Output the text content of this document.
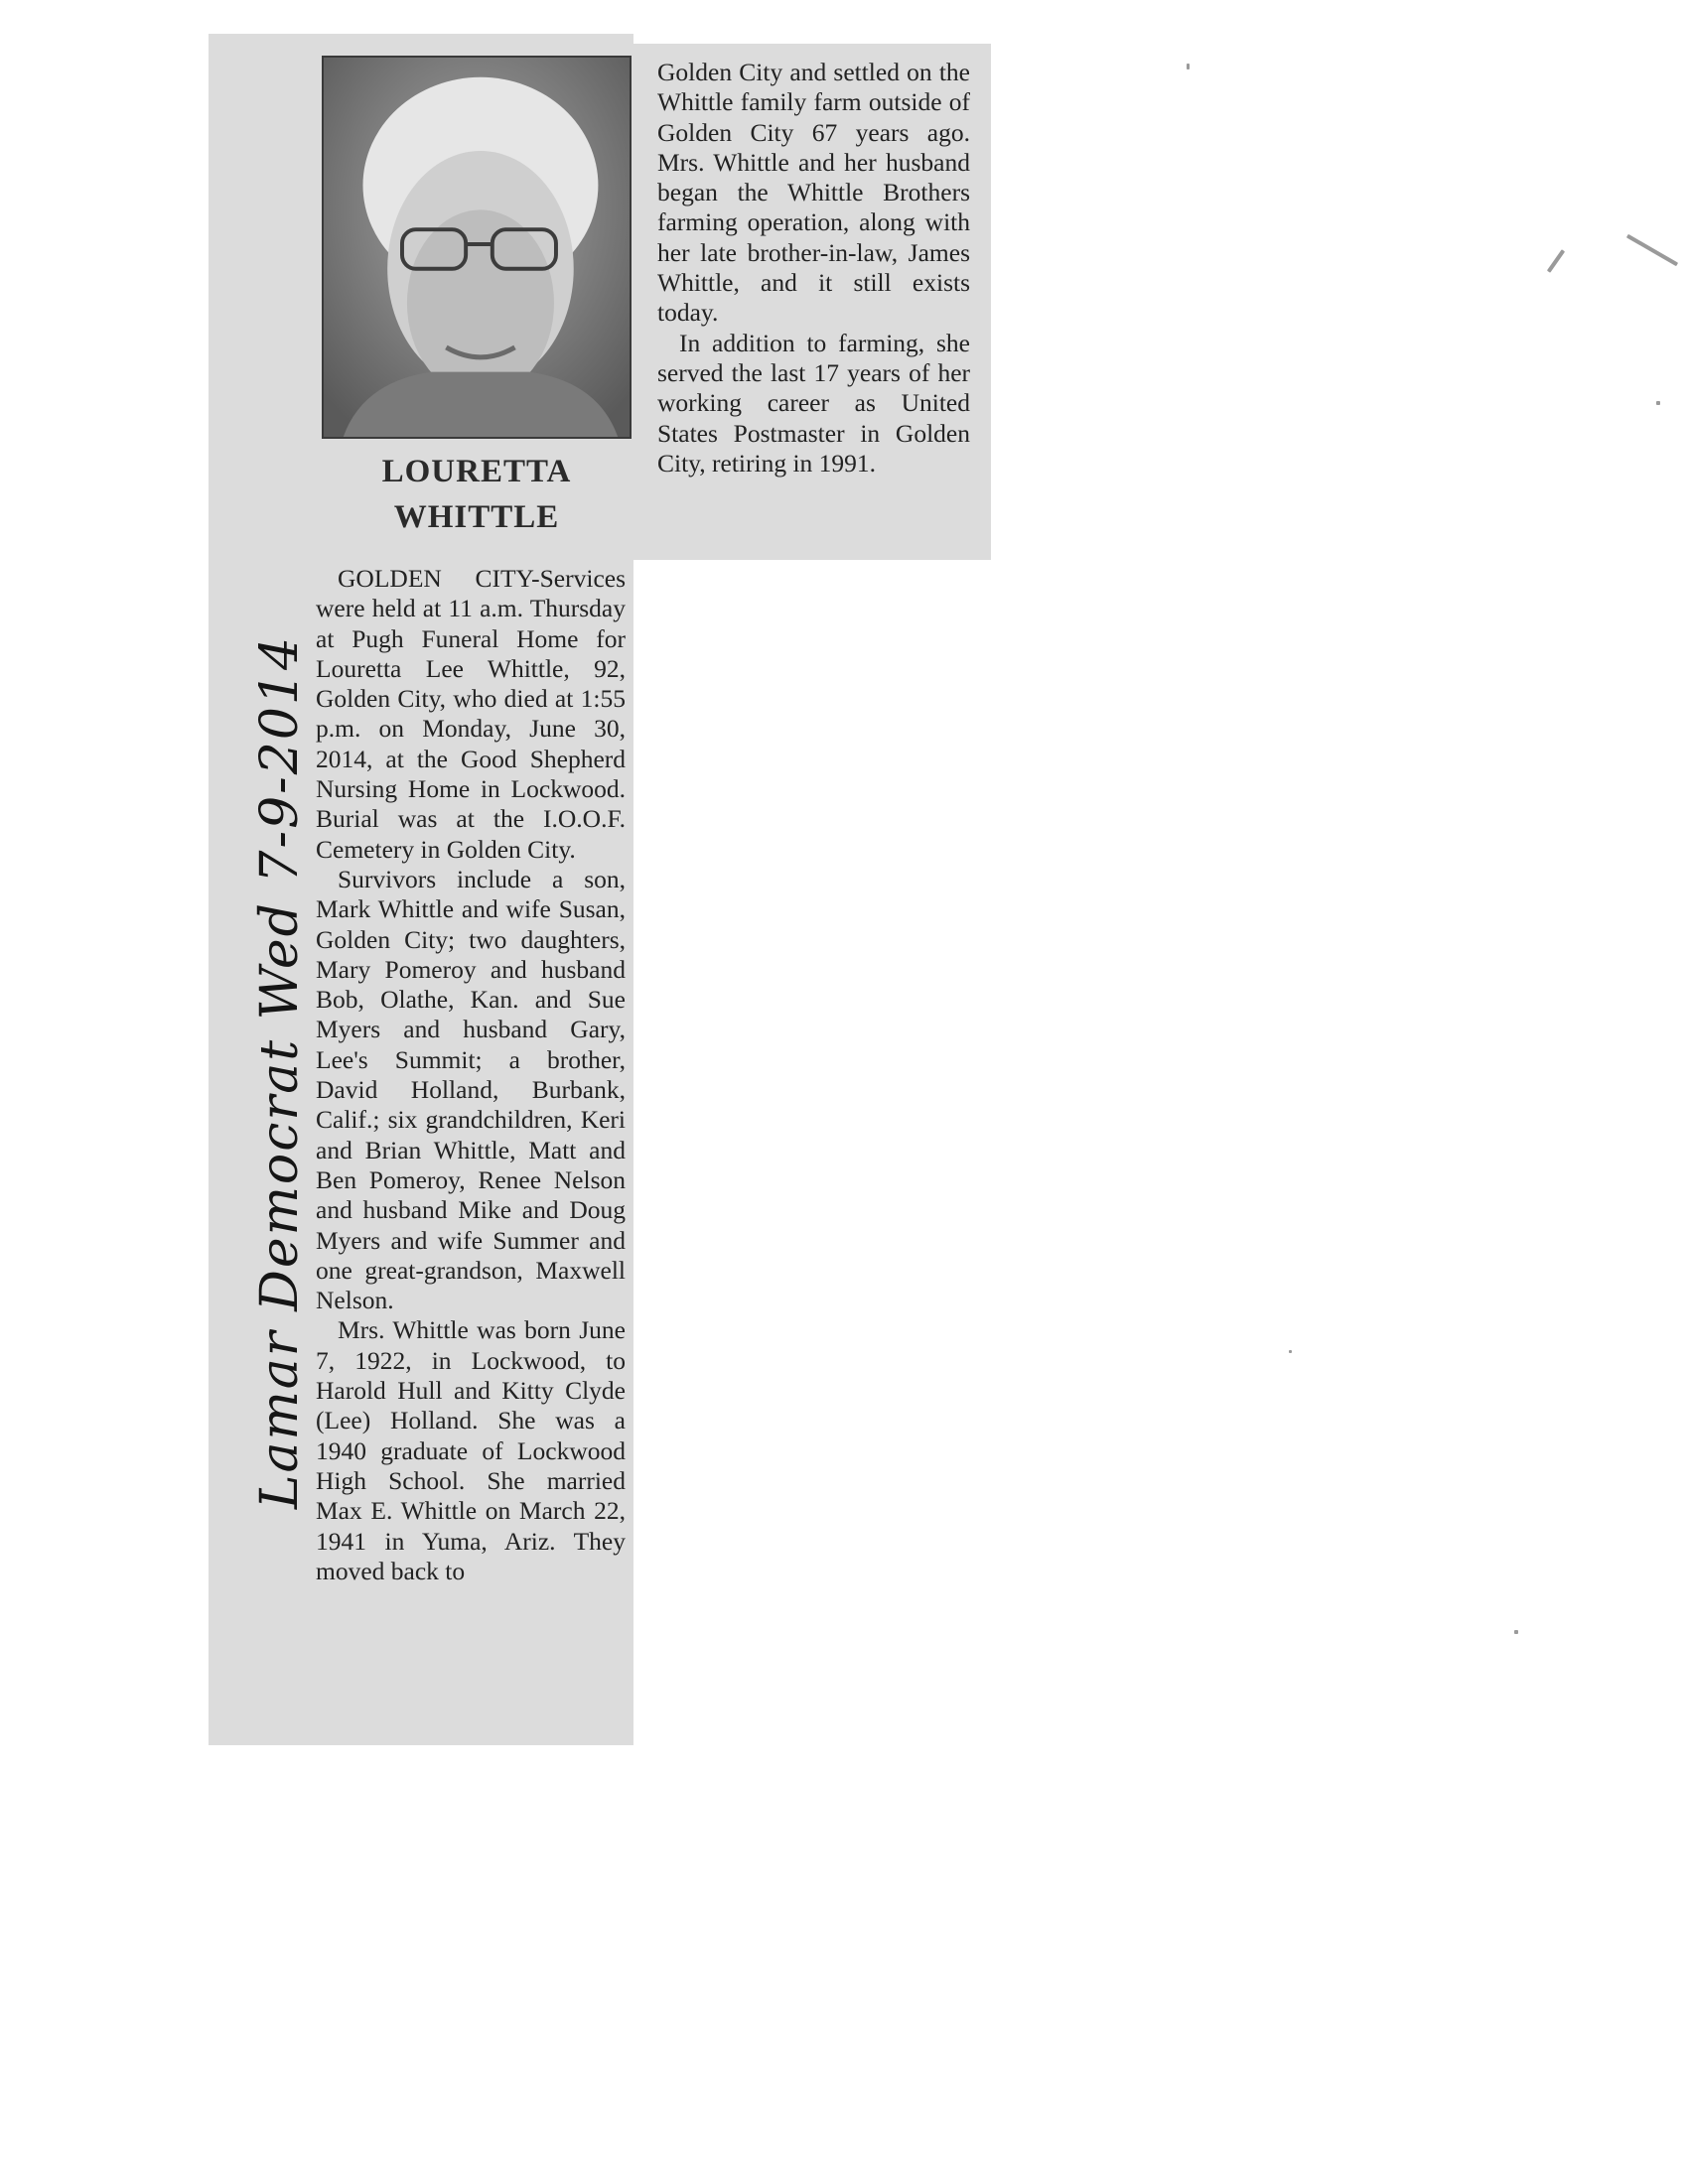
LOURETTA
WHITTLE

GOLDEN CITY-Services were held at 11 a.m. Thursday at Pugh Funeral Home for Louretta Lee Whittle, 92, Golden City, who died at 1:55 p.m. on Monday, June 30, 2014, at the Good Shepherd Nursing Home in Lockwood. Burial was at the I.O.O.F. Cemetery in Golden City.

Survivors include a son, Mark Whittle and wife Susan, Golden City; two daughters, Mary Pomeroy and husband Bob, Olathe, Kan. and Sue Myers and husband Gary, Lee's Summit; a brother, David Holland, Burbank, Calif.; six grandchildren, Keri and Brian Whittle, Matt and Ben Pomeroy, Renee Nelson and husband Mike and Doug Myers and wife Summer and one great-grandson, Maxwell Nelson.

Mrs. Whittle was born June 7, 1922, in Lockwood, to Harold Hull and Kitty Clyde (Lee) Holland. She was a 1940 graduate of Lockwood High School. She married Max E. Whittle on March 22, 1941 in Yuma, Ariz. They moved back to

Golden City and settled on the Whittle family farm outside of Golden City 67 years ago. Mrs. Whittle and her husband began the Whittle Brothers farming operation, along with her late brother-in-law, James Whittle, and it still exists today.

In addition to farming, she served the last 17 years of her working career as United States Postmaster in Golden City, retiring in 1991.

Lamar Democrat Wed 7-9-2014
